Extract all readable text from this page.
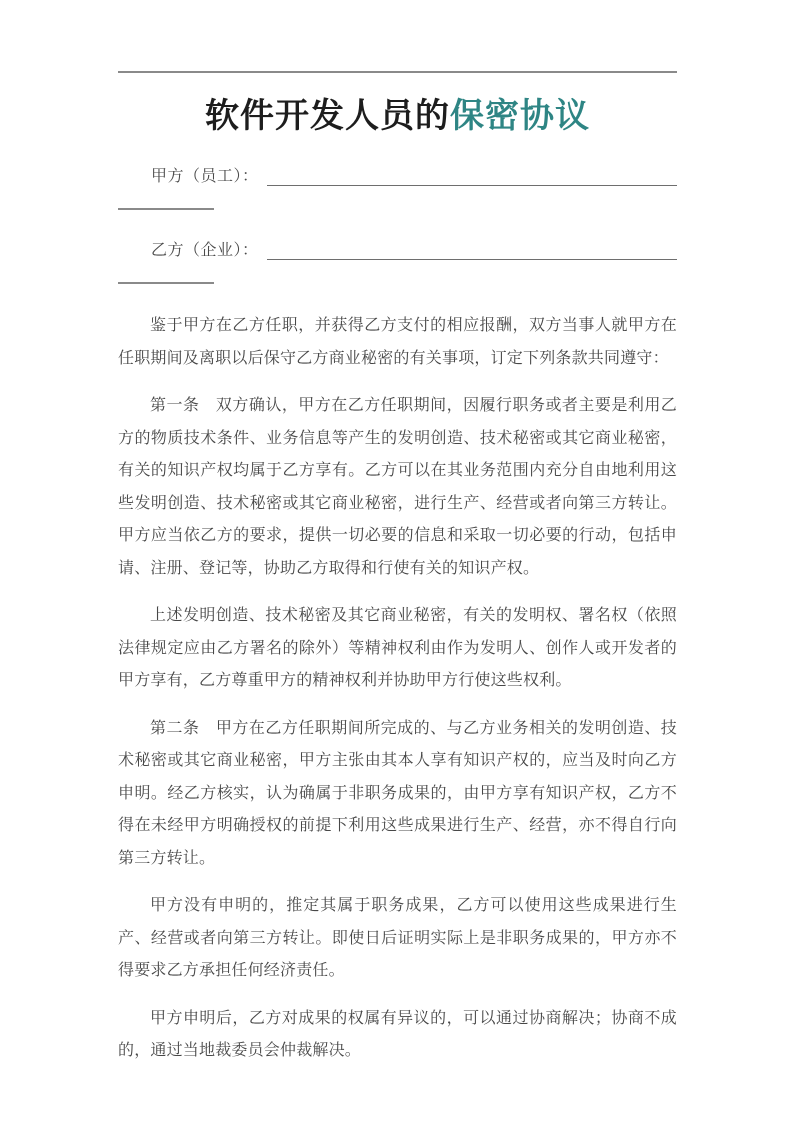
软件开发人员的保密协议
甲方（员工）：
乙方（企业）：

鉴于甲方在乙方任职，并获得乙方支付的相应报酬，双方当事人就甲方在任职期间及离职以后保守乙方商业秘密的有关事项，订定下列条款共同遵守：

第一条　双方确认，甲方在乙方任职期间，因履行职务或者主要是利用乙方的物质技术条件、业务信息等产生的发明创造、技术秘密或其它商业秘密，有关的知识产权均属于乙方享有。乙方可以在其业务范围内充分自由地利用这些发明创造、技术秘密或其它商业秘密，进行生产、经营或者向第三方转让。甲方应当依乙方的要求，提供一切必要的信息和采取一切必要的行动，包括申请、注册、登记等，协助乙方取得和行使有关的知识产权。

上述发明创造、技术秘密及其它商业秘密，有关的发明权、署名权（依照法律规定应由乙方署名的除外）等精神权利由作为发明人、创作人或开发者的甲方享有，乙方尊重甲方的精神权利并协助甲方行使这些权利。

第二条　甲方在乙方任职期间所完成的、与乙方业务相关的发明创造、技术秘密或其它商业秘密，甲方主张由其本人享有知识产权的，应当及时向乙方申明。经乙方核实，认为确属于非职务成果的，由甲方享有知识产权，乙方不得在未经甲方明确授权的前提下利用这些成果进行生产、经营，亦不得自行向第三方转让。

甲方没有申明的，推定其属于职务成果，乙方可以使用这些成果进行生产、经营或者向第三方转让。即使日后证明实际上是非职务成果的，甲方亦不得要求乙方承担任何经济责任。

甲方申明后，乙方对成果的权属有异议的，可以通过协商解决；协商不成的，通过当地裁委员会仲裁解决。
